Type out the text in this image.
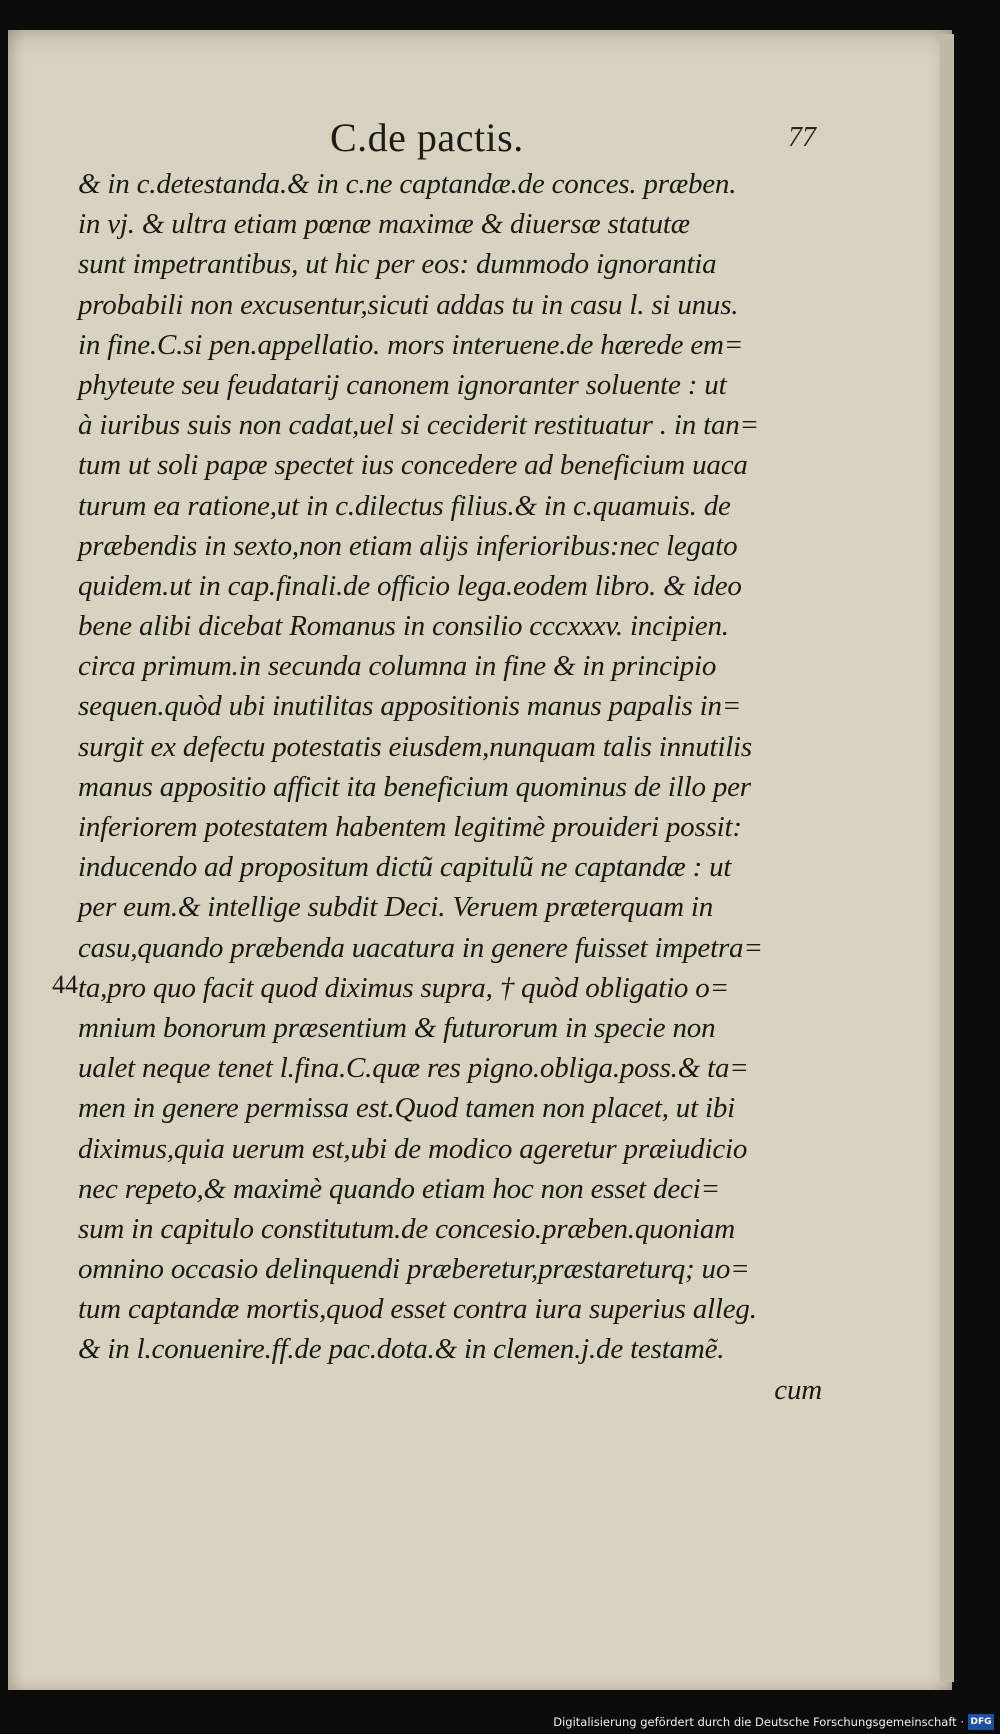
C.de pactis.	77
& in c.detestanda.& in c.ne captandæ.de conces. præben.
in vj. & ultra etiam pœnæ maximæ & diuersæ statutæ
sunt impetrantibus, ut hic per eos: dummodo ignorantia
probabili non excusentur,sicuti addas tu in casu l. si unus.
in fine.C.si pen.appellatio. mors interuene.de hærede em=
phyteute seu feudatarij canonem ignoranter soluente : ut
à iuribus suis non cadat,uel si ceciderit restituatur . in tan=
tum ut soli papæ spectet ius concedere ad beneficium uaca
turum ea ratione,ut in c.dilectus filius.& in c.quamuis. de
præbendis in sexto,non etiam alijs inferioribus:nec legato
quidem.ut in cap.finali.de officio lega.eodem libro. & ideo
bene alibi dicebat Romanus in consilio cccxxxv. incipien.
circa primum.in secunda columna in fine & in principio
sequen.quòd ubi inutilitas appositionis manus papalis in=
surgit ex defectu potestatis eiusdem,nunquam talis innutilis
manus appositio afficit ita beneficium quominus de illo per
inferiorem potestatem habentem legitimè prouideri possit:
inducendo ad propositum dictũ capitulũ ne captandæ : ut
per eum.& intellige subdit Deci. Veruem præterquam in
casu,quando præbenda uacatura in genere fuisset impetra=
ta,pro quo facit quod diximus supra, † quòd obligatio o=
mnium bonorum præsentium & futurorum in specie non
ualet neque tenet l.fina.C.quæ res pigno.obliga.poss.& ta=
men in genere permissa est.Quod tamen non placet, ut ibi
diximus,quia uerum est,ubi de modico ageretur præiudicio
nec repeto,& maximè quando etiam hoc non esset deci=
sum in capitulo constitutum.de concesio.præben.quoniam
omnino occasio delinquendi præberetur,præstareturq; uo=
tum captandæ mortis,quod esset contra iura superius alleg.
& in l.conuenire.ff.de pac.dota.& in clemen.j.de testamẽ.
cum
44
Digitalisierung gefördert durch die Deutsche Forschungsgemeinschaft · DFG
